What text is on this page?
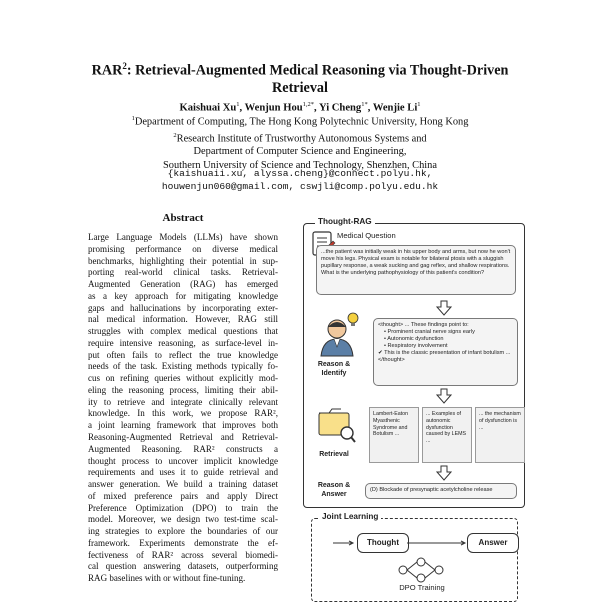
RAR$^2$: Retrieval-Augmented Medical Reasoning via Thought-Driven
Retrieval
Kaishuai Xu$^1$, Wenjun Hou$^{1,2*}$, Yi Cheng$^{1*}$, Wenjie Li$^1$
$^1$Department of Computing, The Hong Kong Polytechnic University, Hong Kong
$^2$Research Institute of Trustworthy Autonomous Systems and
Department of Computer Science and Engineering,
Southern University of Science and Technology, Shenzhen, China
{kaishuaii.xu, alyssa.cheng}@connect.polyu.hk,
houwenjun060@gmail.com, cswjli@comp.polyu.edu.hk
Abstract
Large Language Models (LLMs) have shown
promising performance on diverse medical
benchmarks, highlighting their potential in sup-
porting real-world clinical tasks. Retrieval-
Augmented Generation (RAG) has emerged
as a key approach for mitigating knowledge
gaps and hallucinations by incorporating exter-
nal medical information. However, RAG still
struggles with complex medical questions that
require intensive reasoning, as surface-level in-
put often fails to reflect the true knowledge
needs of the task. Existing methods typically fo-
cus on refining queries without explicitly mod-
eling the reasoning process, limiting their abil-
ity to retrieve and integrate clinically relevant
knowledge. In this work, we propose RAR²,
a joint learning framework that improves both
Reasoning-Augmented Retrieval and Retrieval-
Augmented Reasoning. RAR² constructs a
thought process to uncover implicit knowledge
requirements and uses it to guide retrieval and
answer generation. We build a training dataset
of mixed preference pairs and apply Direct
Preference Optimization (DPO) to train the
model. Moreover, we design two test-time scal-
ing strategies to explore the boundaries of our
framework. Experiments demonstrate the ef-
fectiveness of RAR² across several biomedi-
cal question answering datasets, outperforming
RAG baselines with or without fine-tuning.
Thought-RAG
Medical Question
...the patient was initially weak in his upper body and arms, but now he won't move his legs. Physical exam is notable for bilateral ptosis with a sluggish pupillary response, a weak sucking and gag reflex, and shallow respirations. What is the underlying pathophysiology of this patient's condition?
Reason & Identify
<thought> ... These findings point to:
• Prominent cranial nerve signs early
• Autonomic dysfunction
• Respiratory involvement
✔ This is the classic presentation of infant botulism ... </thought>
Retrieval
Lambert-Eaton Myasthenic Syndrome and Botulism ...
... Examples of autonomic dysfunction caused by LEMS ...
... the mechanism of dysfunction is ...
Reason & Answer
(D) Blockade of presynaptic acetylcholine release
Joint Learning
Thought	Answer
DPO Training
